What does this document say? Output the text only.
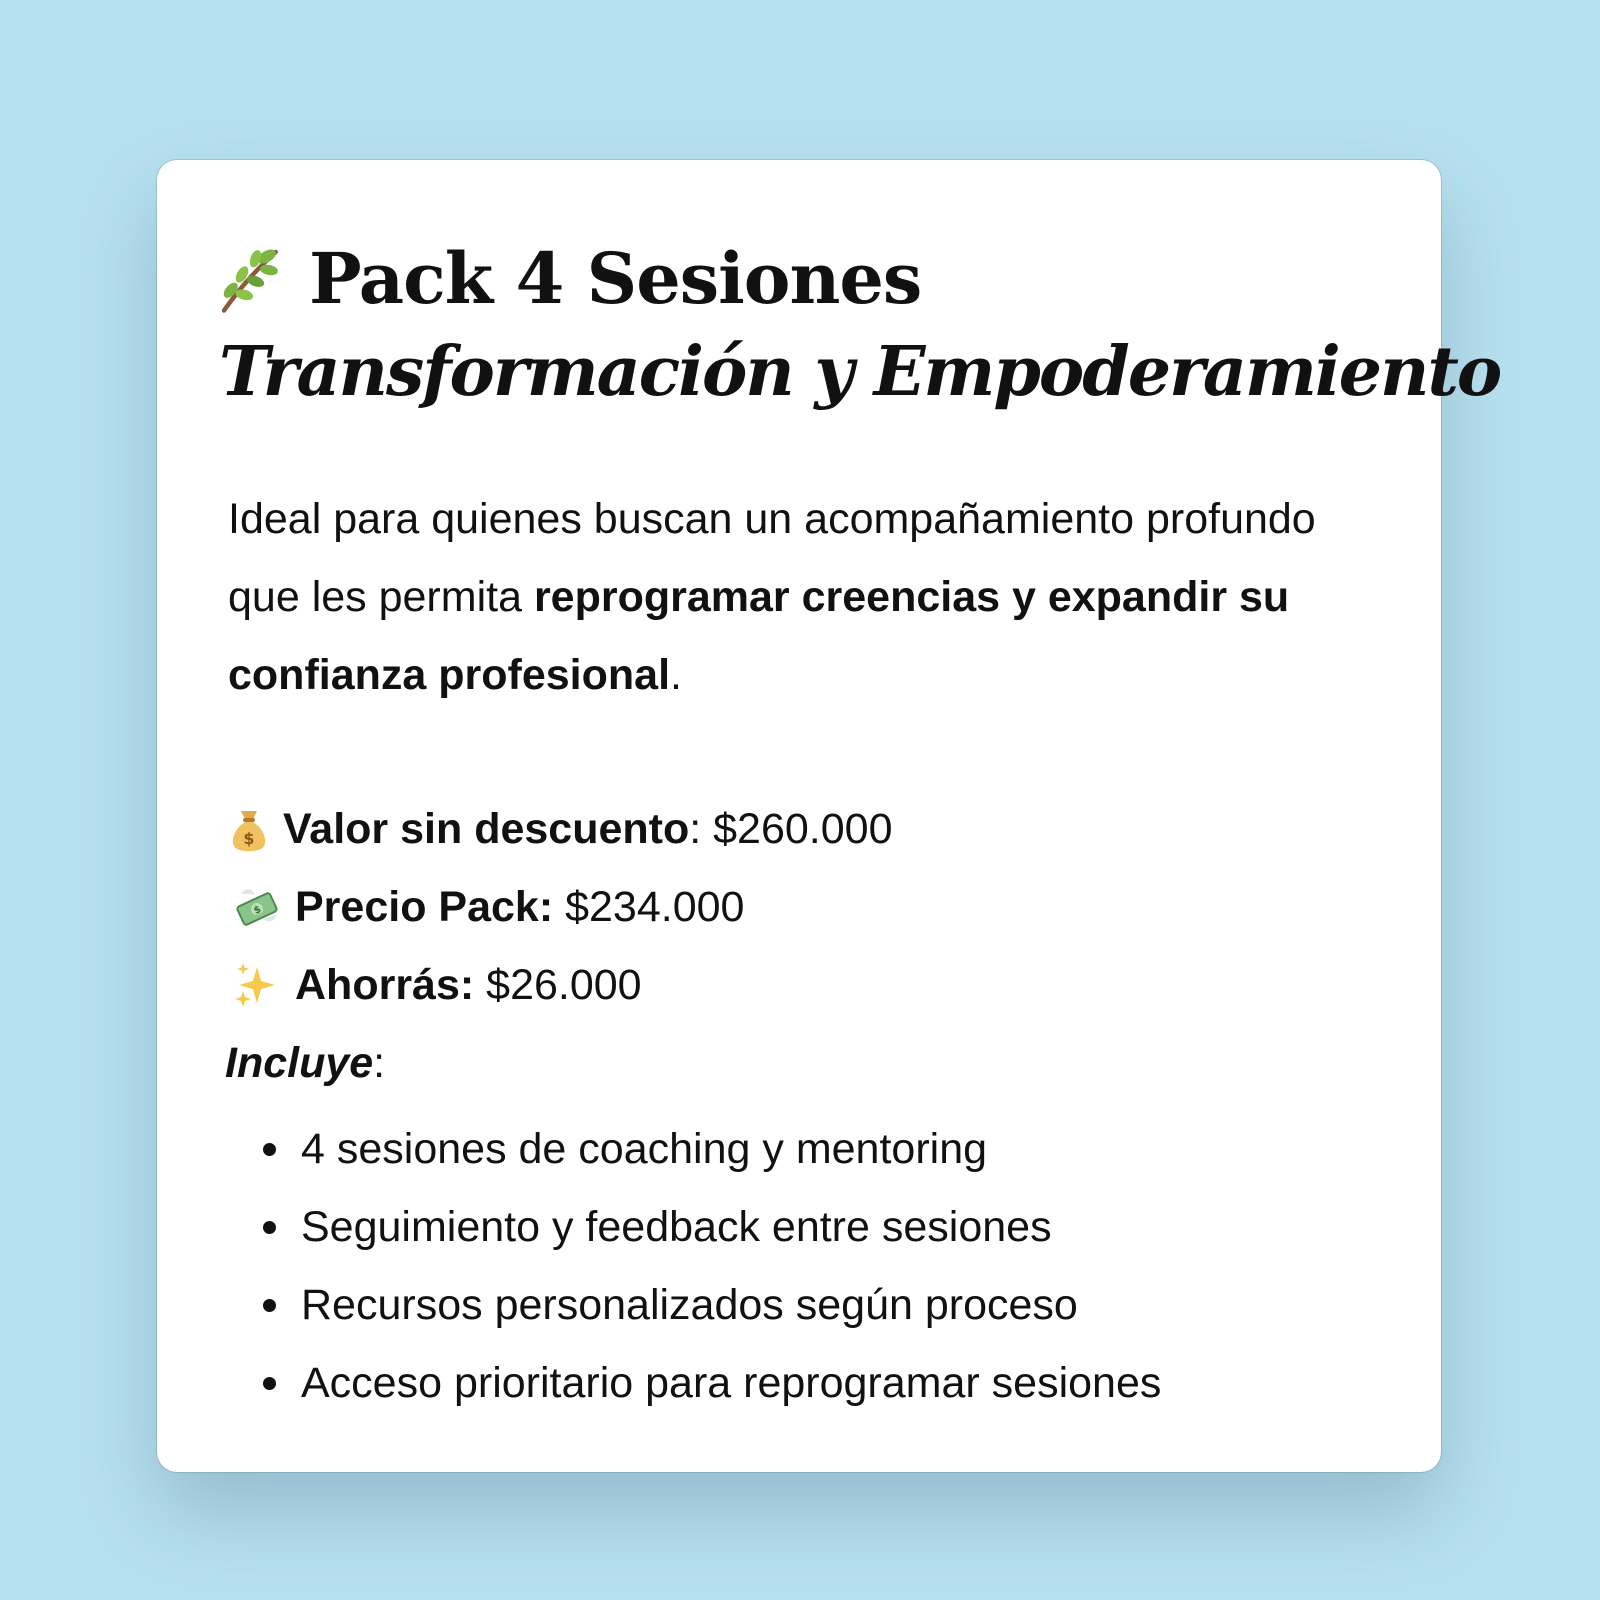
Pack 4 Sesiones
Transformación y Empoderamiento
Ideal para quienes buscan un acompañamiento profundo que les permita reprogramar creencias y expandir su confianza profesional.
$ Valor sin descuento: $260.000
$ Precio Pack: $234.000
Ahorrás: $26.000
Incluye:
4 sesiones de coaching y mentoring
Seguimiento y feedback entre sesiones
Recursos personalizados según proceso
Acceso prioritario para reprogramar sesiones
